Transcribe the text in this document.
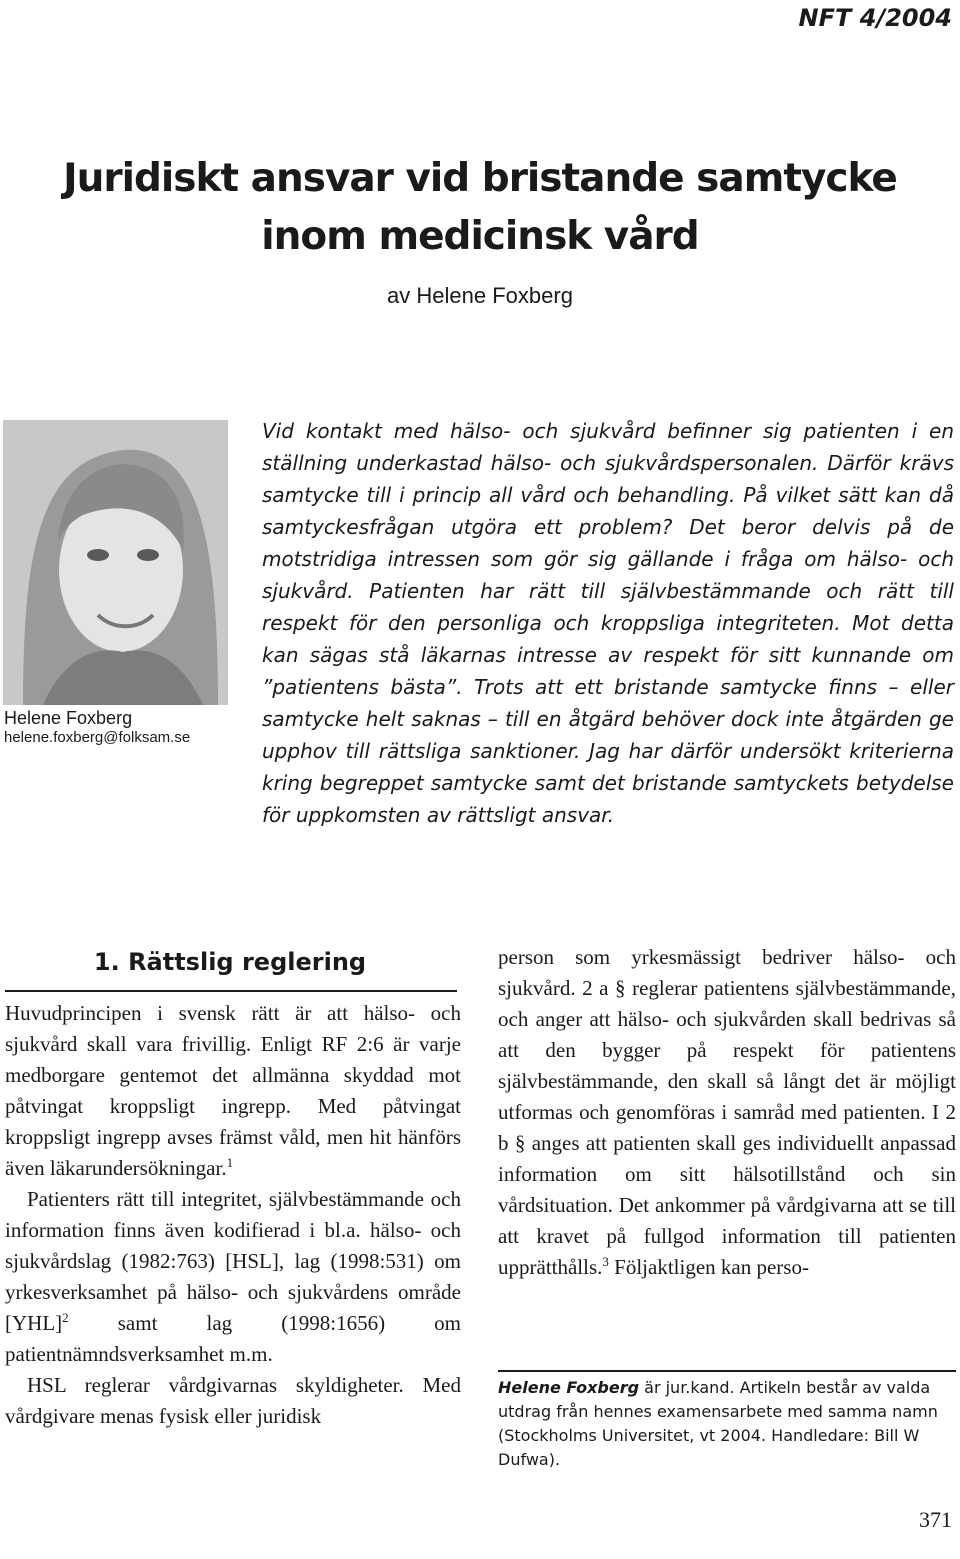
NFT 4/2004
Juridiskt ansvar vid bristande samtycke
inom medicinsk vård
av Helene Foxberg
Helene Foxberg
helene.foxberg@folksam.se
Vid kontakt med hälso- och sjukvård befinner sig patienten i en ställning underkastad hälso- och sjukvårdspersonalen. Därför krävs samtycke till i princip all vård och behandling. På vilket sätt kan då samtyckesfrågan utgöra ett problem? Det beror delvis på de motstridiga intressen som gör sig gällande i fråga om hälso- och sjukvård. Patienten har rätt till självbestämmande och rätt till respekt för den personliga och kroppsliga integriteten. Mot detta kan sägas stå läkarnas intresse av respekt för sitt kunnande om ”patientens bästa”. Trots att ett bristande samtycke finns – eller samtycke helt saknas – till en åtgärd behöver dock inte åtgärden ge upphov till rättsliga sanktioner. Jag har därför undersökt kriterierna kring begreppet samtycke samt det bristande samtyckets betydelse för uppkomsten av rättsligt ansvar.
1. Rättslig reglering

Huvudprincipen i svensk rätt är att hälso- och sjukvård skall vara frivillig. Enligt RF 2:6 är varje medborgare gentemot det allmänna skyddad mot påtvingat kroppsligt ingrepp. Med påtvingat kroppsligt ingrepp avses främst våld, men hit hänförs även läkarundersökningar.$^1$

Patienters rätt till integritet, självbestämmande och information finns även kodifierad i bl.a. hälso- och sjukvårdslag (1982:763) [HSL], lag (1998:531) om yrkesverksamhet på hälso- och sjukvårdens område [YHL]$^2$ samt lag (1998:1656) om patientnämndsverksamhet m.m.

HSL reglerar vårdgivarnas skyldigheter. Med vårdgivare menas fysisk eller juridisk

person som yrkesmässigt bedriver hälso- och sjukvård. 2 a § reglerar patientens självbestämmande, och anger att hälso- och sjukvården skall bedrivas så att den bygger på respekt för patientens självbestämmande, den skall så långt det är möjligt utformas och genomföras i samråd med patienten. I 2 b § anges att patienten skall ges individuellt anpassad information om sitt hälsotillstånd och sin vårdsituation. Det ankommer på vårdgivarna att se till att kravet på fullgod information till patienten upprätthålls.$^3$ Följaktligen kan perso-

Helene Foxberg är jur.kand. Artikeln består av valda utdrag från hennes examensarbete med samma namn (Stockholms Universitet, vt 2004. Handledare: Bill W Dufwa).
371
